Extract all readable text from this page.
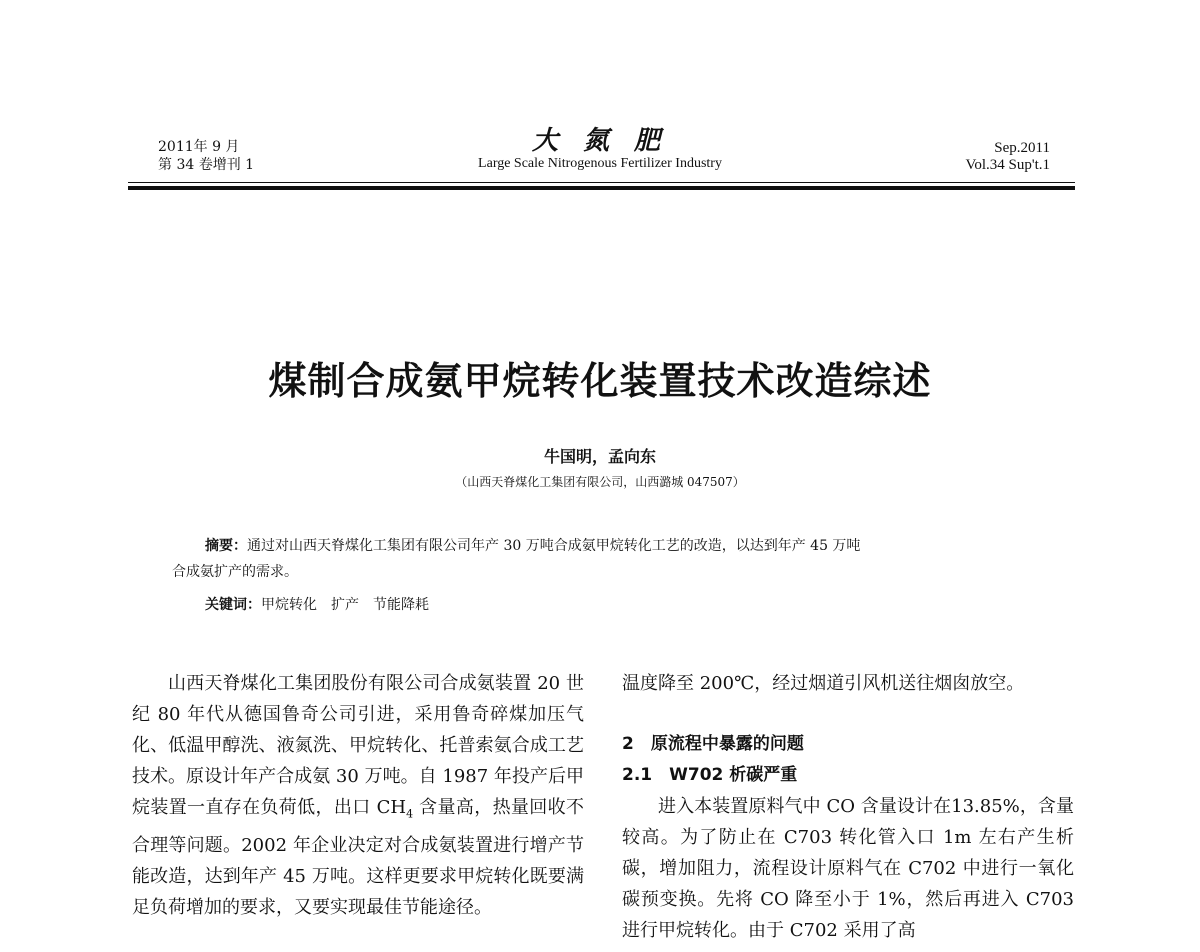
2011年 9 月
第 34 卷增刊 1
大 氮 肥
Large Scale Nitrogenous Fertilizer Industry
Sep.2011
Vol.34 Sup't.1
煤制合成氨甲烷转化装置技术改造综述
牛国明，孟向东
（山西天脊煤化工集团有限公司，山西潞城 047507）
摘要：通过对山西天脊煤化工集团有限公司年产 30 万吨合成氨甲烷转化工艺的改造，以达到年产 45 万吨
合成氨扩产的需求。
关键词：甲烷转化　扩产　节能降耗

山西天脊煤化工集团股份有限公司合成氨装置 20 世纪 80 年代从德国鲁奇公司引进，采用鲁奇碎煤加压气化、低温甲醇洗、液氮洗、甲烷转化、托普索氨合成工艺技术。原设计年产合成氨 30 万吨。自 1987 年投产后甲烷装置一直存在负荷低，出口 $CH_4$ 含量高，热量回收不合理等问题。2002 年企业决定对合成氨装置进行增产节能改造，达到年产 45 万吨。这样更要求甲烷转化既要满足负荷增加的要求，又要实现最佳节能途径。

温度降至 200℃，经过烟道引风机送往烟囱放空。

2　原流程中暴露的问题

2.1　W702 析碳严重

进入本装置原料气中 CO 含量设计在13.85%，含量较高。为了防止在 C703 转化管入口 1m 左右产生析碳，增加阻力，流程设计原料气在 C702 中进行一氧化碳预变换。先将 CO 降至小于 1%，然后再进入 C703 进行甲烷转化。由于 C702 采用了高
